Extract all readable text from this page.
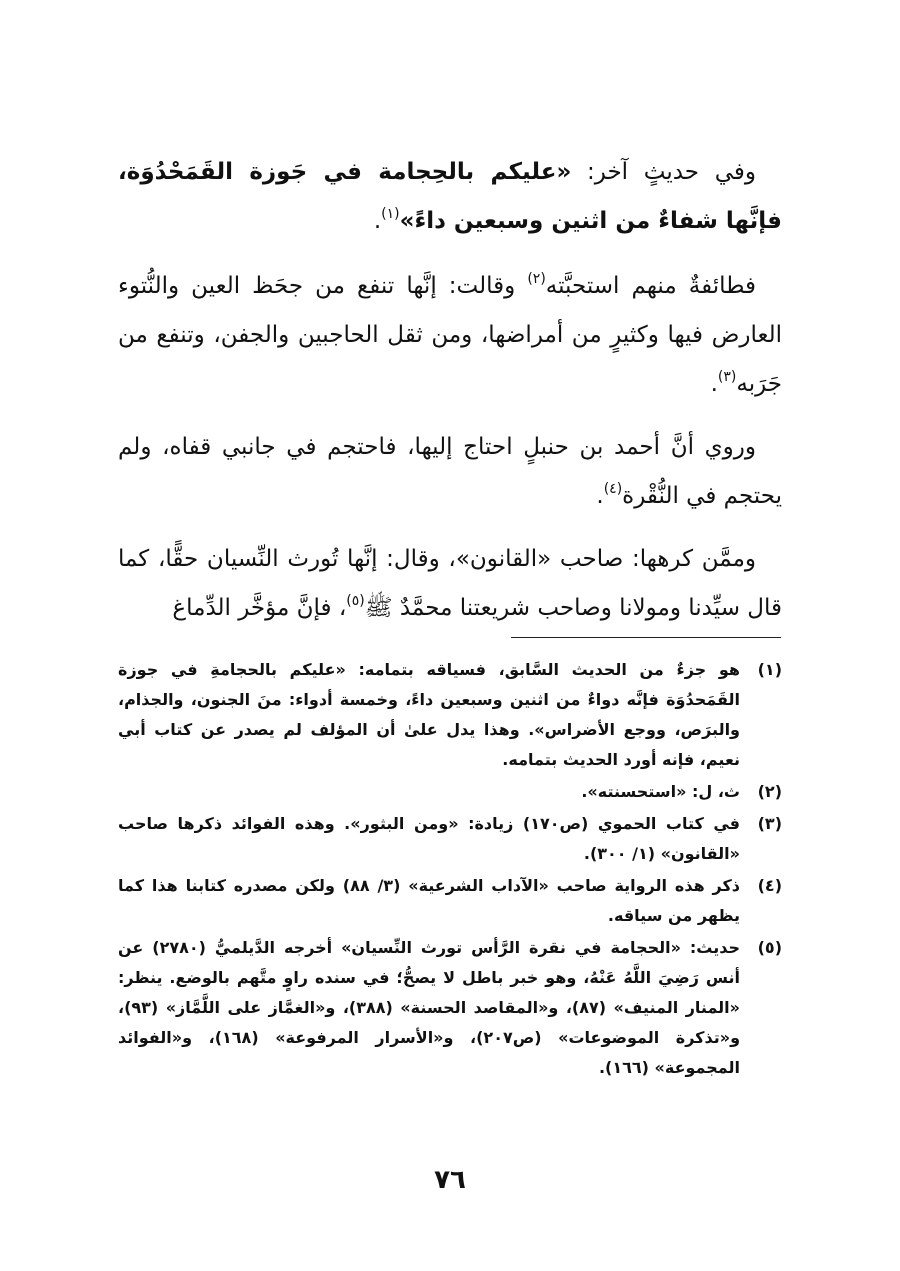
وفي حديثٍ آخر: «عليكم بالحِجامة في جَوزة القَمَحْدُوَة، فإنَّها شفاءٌ من اثنين وسبعين داءً»$^{(١)}$.

فطائفةٌ منهم استحبَّته$^{(٢)}$ وقالت: إنَّها تنفع من جحَظ العين والنُّتوء العارض فيها وكثيرٍ من أمراضها، ومن ثقل الحاجبين والجفن، وتنفع من جَرَبه$^{(٣)}$.

وروي أنَّ أحمد بن حنبلٍ احتاج إليها، فاحتجم في جانبي قفاه، ولم يحتجم في النُّقْرة$^{(٤)}$.

وممَّن كرهها: صاحب «القانون»، وقال: إنَّها تُورث النِّسيان حقًّا، كما قال سيِّدنا ومولانا وصاحب شريعتنا محمَّدٌ ﷺ$^{(٥)}$، فإنَّ مؤخَّر الدِّماغ

(١)
هو جزءٌ من الحديث السَّابق، فسياقه بتمامه: «عليكم بالحجامةِ في جوزة القَمَحدُوَة فإنَّه دواءٌ من اثنين وسبعين داءً، وخمسة أدواء: منَ الجنون، والجذام، والبرَص، ووجع الأضراس». وهذا يدل علىٰ أن المؤلف لم يصدر عن كتاب أبي نعيم، فإنه أورد الحديث بتمامه.
(٢)
ث، ل: «استحسنته».
(٣)
في كتاب الحموي (ص١٧٠) زيادة: «ومن البثور». وهذه الفوائد ذكرها صاحب «القانون» (١/ ٣٠٠).
(٤)
ذكر هذه الرواية صاحب «الآداب الشرعية» (٣/ ٨٨) ولكن مصدره كتابنا هذا كما يظهر من سياقه.
(٥)
حديث: «الحجامة في نقرة الرَّأس تورث النِّسيان» أخرجه الدَّيلميُّ (٢٧٨٠) عن أنس رَضِيَ اللَّهُ عَنْهُ، وهو خبر باطل لا يصحُّ؛ في سنده راوٍ متَّهم بالوضع. ينظر: «المنار المنيف» (٨٧)، و«المقاصد الحسنة» (٣٨٨)، و«الغمَّاز على اللَّمَّاز» (٩٣)، و«تذكرة الموضوعات» (ص٢٠٧)، و«الأسرار المرفوعة» (١٦٨)، و«الفوائد المجموعة» (١٦٦).
٧٦
